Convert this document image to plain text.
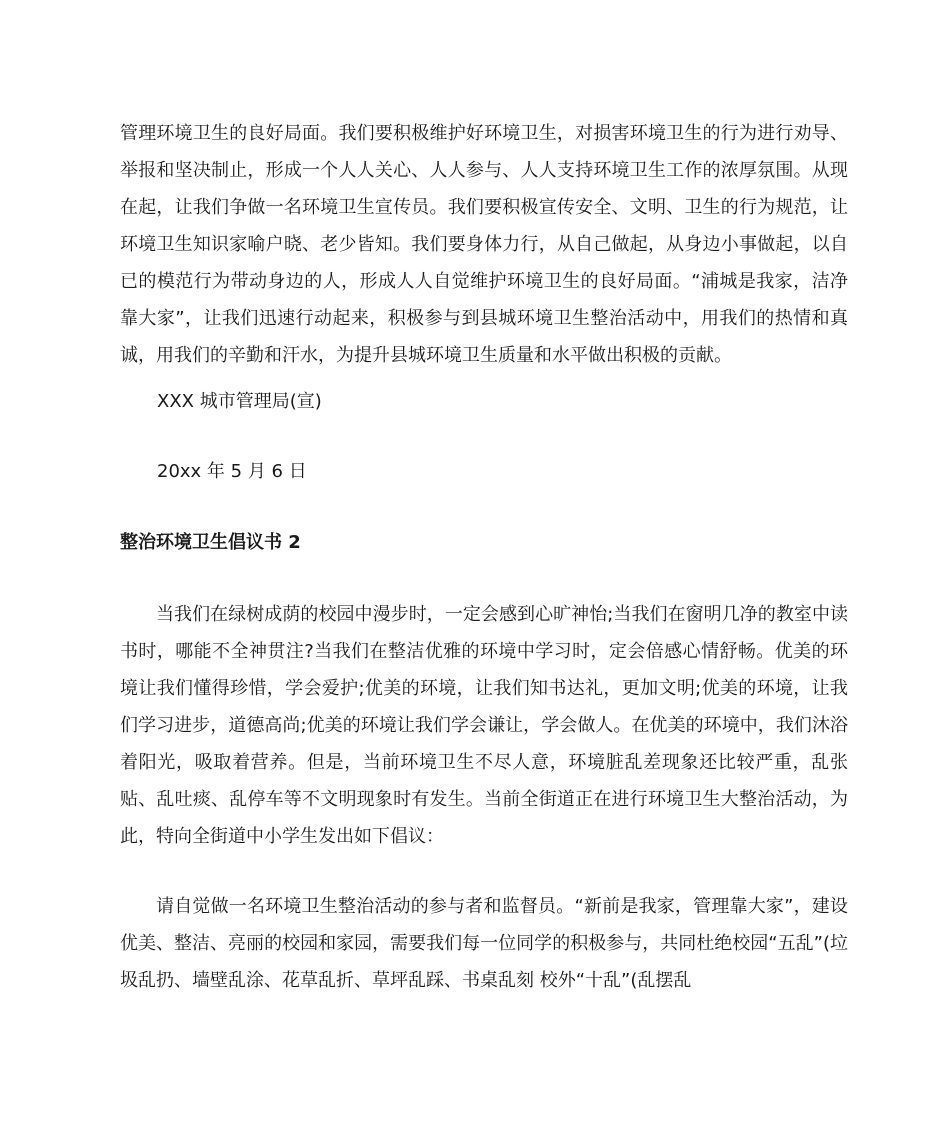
管理环境卫生的良好局面。我们要积极维护好环境卫生，对损害环境卫生的行为进行劝导、举报和坚决制止，形成一个人人关心、人人参与、人人支持环境卫生工作的浓厚氛围。从现在起，让我们争做一名环境卫生宣传员。我们要积极宣传安全、文明、卫生的行为规范，让环境卫生知识家喻户晓、老少皆知。我们要身体力行，从自己做起，从身边小事做起，以自已的模范行为带动身边的人，形成人人自觉维护环境卫生的良好局面。“浦城是我家，洁净靠大家”，让我们迅速行动起来，积极参与到县城环境卫生整治活动中，用我们的热情和真诚，用我们的辛勤和汗水，为提升县城环境卫生质量和水平做出积极的贡献。
XXX 城市管理局(宣)
20xx 年 5 月 6 日
整治环境卫生倡议书 2
当我们在绿树成荫的校园中漫步时，一定会感到心旷神怡;当我们在窗明几净的教室中读书时，哪能不全神贯注?当我们在整洁优雅的环境中学习时，定会倍感心情舒畅。优美的环境让我们懂得珍惜，学会爱护;优美的环境，让我们知书达礼，更加文明;优美的环境，让我们学习进步，道德高尚;优美的环境让我们学会谦让，学会做人。在优美的环境中，我们沐浴着阳光，吸取着营养。但是，当前环境卫生不尽人意，环境脏乱差现象还比较严重，乱张贴、乱吐痰、乱停车等不文明现象时有发生。当前全街道正在进行环境卫生大整治活动，为此，特向全街道中小学生发出如下倡议：
请自觉做一名环境卫生整治活动的参与者和监督员。“新前是我家，管理靠大家”，建设优美、整洁、亮丽的校园和家园，需要我们每一位同学的积极参与，共同杜绝校园“五乱”(垃圾乱扔、墙壁乱涂、花草乱折、草坪乱踩、书桌乱刻 校外“十乱”(乱摆乱
